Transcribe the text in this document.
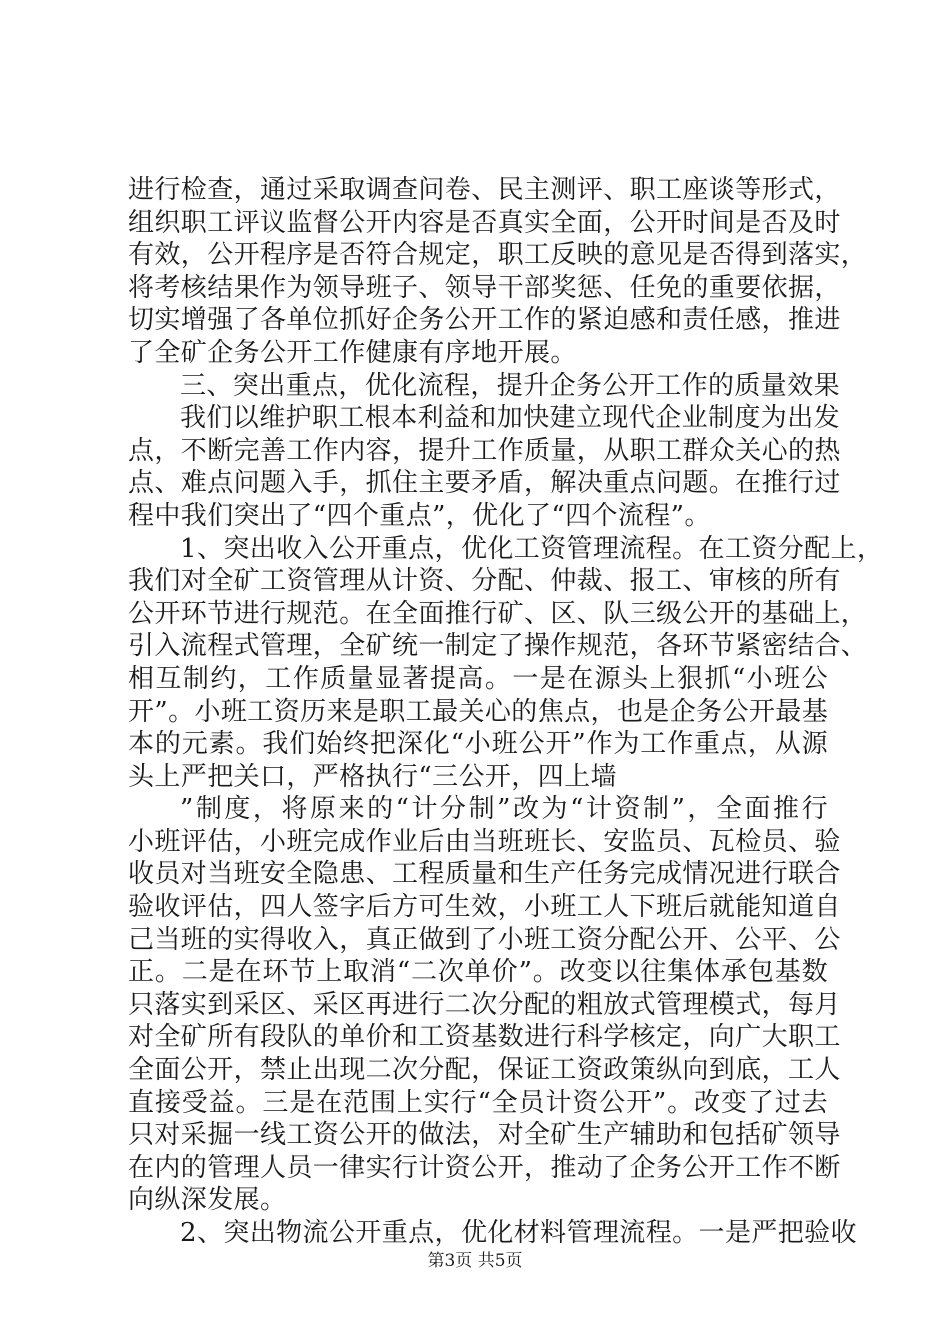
进行检查，通过采取调查问卷、民主测评、职工座谈等形式，
组织职工评议监督公开内容是否真实全面，公开时间是否及时
有效，公开程序是否符合规定，职工反映的意见是否得到落实，
将考核结果作为领导班子、领导干部奖惩、任免的重要依据，
切实增强了各单位抓好企务公开工作的紧迫感和责任感，推进
了全矿企务公开工作健康有序地开展。
三、突出重点，优化流程，提升企务公开工作的质量效果
我们以维护职工根本利益和加快建立现代企业制度为出发
点，不断完善工作内容，提升工作质量，从职工群众关心的热
点、难点问题入手，抓住主要矛盾，解决重点问题。在推行过
程中我们突出了“四个重点”，优化了“四个流程”。
1、突出收入公开重点，优化工资管理流程。在工资分配上，
我们对全矿工资管理从计资、分配、仲裁、报工、审核的所有
公开环节进行规范。在全面推行矿、区、队三级公开的基础上，
引入流程式管理，全矿统一制定了操作规范，各环节紧密结合、
相互制约，工作质量显著提高。一是在源头上狠抓“小班公
开”。小班工资历来是职工最关心的焦点，也是企务公开最基
本的元素。我们始终把深化“小班公开”作为工作重点，从源
头上严把关口，严格执行“三公开，四上墙
”制度，将原来的“计分制”改为“计资制”，全面推行
小班评估，小班完成作业后由当班班长、安监员、瓦检员、验
收员对当班安全隐患、工程质量和生产任务完成情况进行联合
验收评估，四人签字后方可生效，小班工人下班后就能知道自
己当班的实得收入，真正做到了小班工资分配公开、公平、公
正。二是在环节上取消“二次单价”。改变以往集体承包基数
只落实到采区、采区再进行二次分配的粗放式管理模式，每月
对全矿所有段队的单价和工资基数进行科学核定，向广大职工
全面公开，禁止出现二次分配，保证工资政策纵向到底，工人
直接受益。三是在范围上实行“全员计资公开”。改变了过去
只对采掘一线工资公开的做法，对全矿生产辅助和包括矿领导
在内的管理人员一律实行计资公开，推动了企务公开工作不断
向纵深发展。
2、突出物流公开重点，优化材料管理流程。一是严把验收
第3页 共5页
